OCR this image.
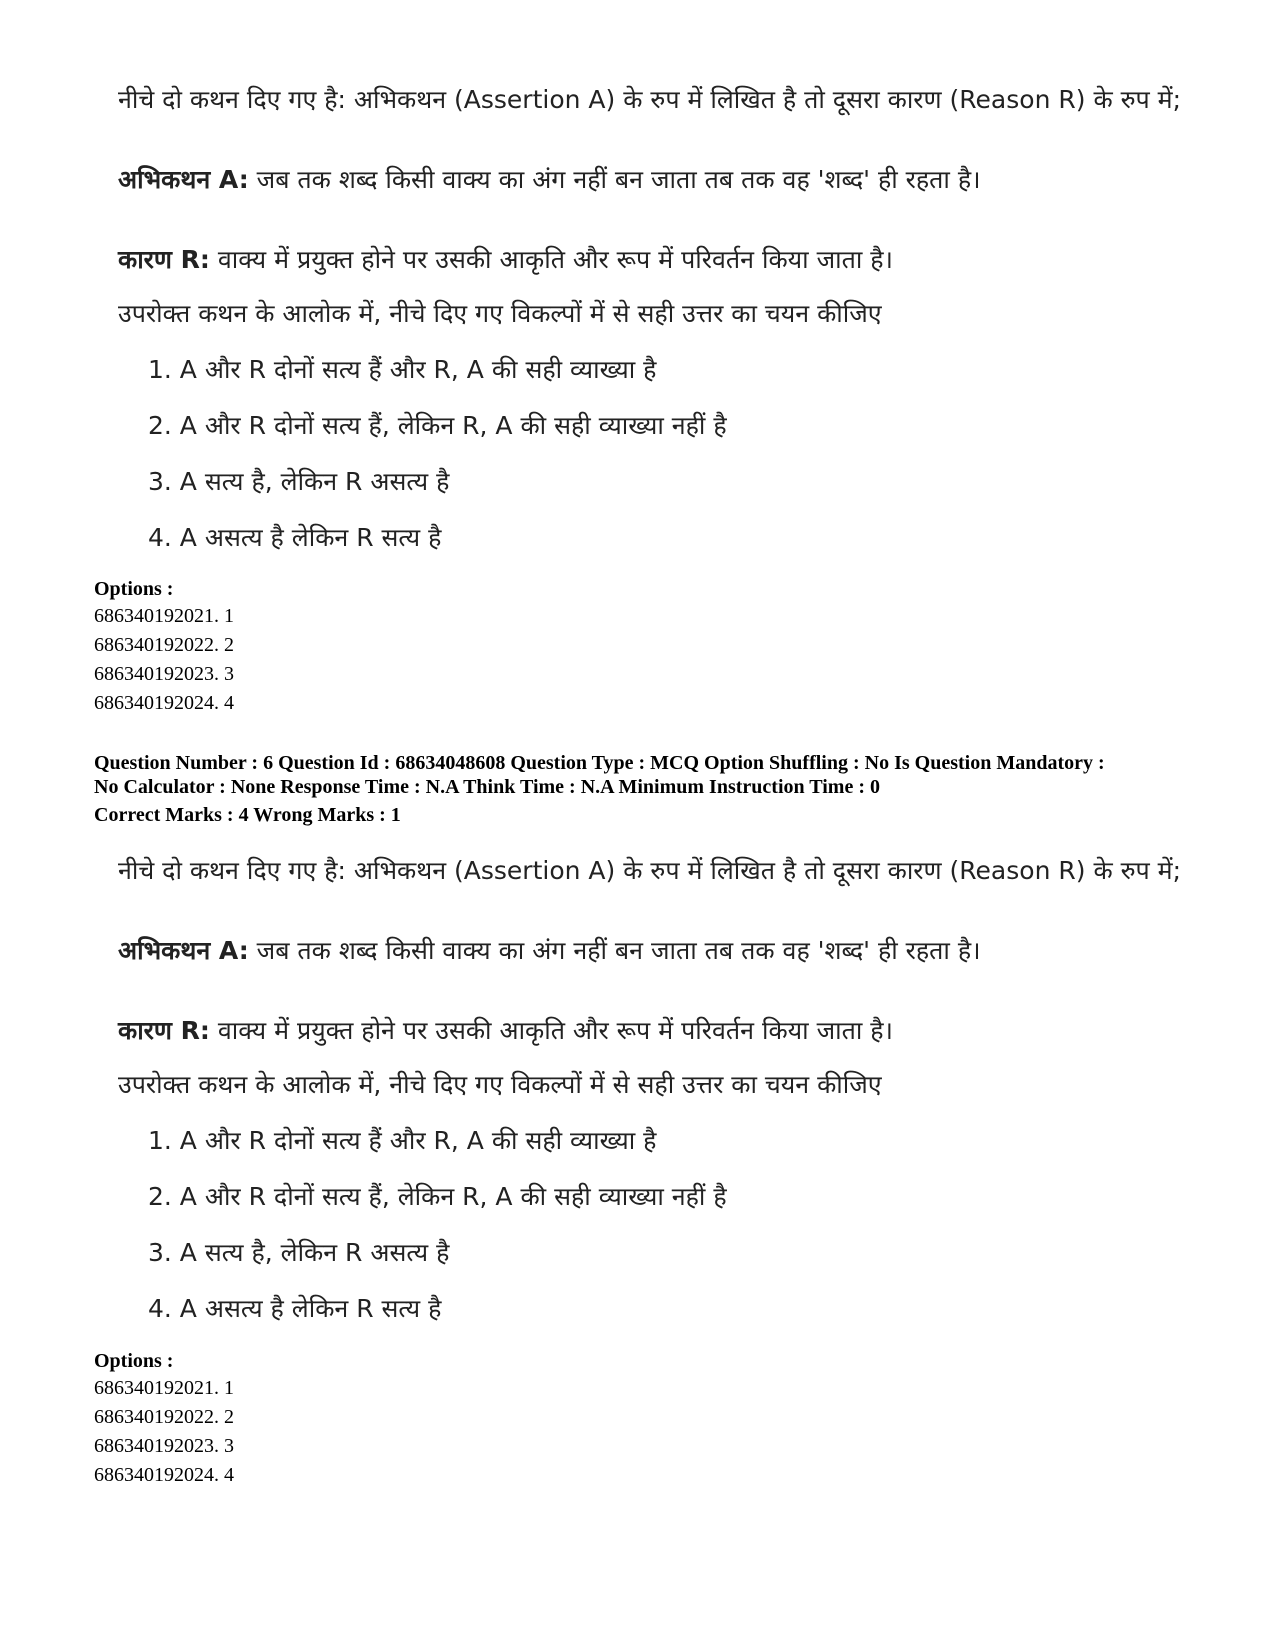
नीचे दो कथन दिए गए है: अभिकथन (Assertion A) के रुप में लिखित है तो दूसरा कारण (Reason R) के रुप में;
अभिकथन A: जब तक शब्द किसी वाक्य का अंग नहीं बन जाता तब तक वह 'शब्द' ही रहता है।
कारण R: वाक्य में प्रयुक्त होने पर उसकी आकृति और रूप में परिवर्तन किया जाता है।
उपरोक्त कथन के आलोक में, नीचे दिए गए विकल्पों में से सही उत्तर का चयन कीजिए
1. A और R दोनों सत्य हैं और R, A की सही व्याख्या है
2. A और R दोनों सत्य हैं, लेकिन R, A की सही व्याख्या नहीं है
3. A सत्य है, लेकिन R असत्य है
4. A असत्य है लेकिन R सत्य है
Options :
686340192021. 1
686340192022. 2
686340192023. 3
686340192024. 4
Question Number : 6 Question Id : 68634048608 Question Type : MCQ Option Shuffling : No Is Question Mandatory :
No Calculator : None Response Time : N.A Think Time : N.A Minimum Instruction Time : 0
Correct Marks : 4 Wrong Marks : 1
नीचे दो कथन दिए गए है: अभिकथन (Assertion A) के रुप में लिखित है तो दूसरा कारण (Reason R) के रुप में;
अभिकथन A: जब तक शब्द किसी वाक्य का अंग नहीं बन जाता तब तक वह 'शब्द' ही रहता है।
कारण R: वाक्य में प्रयुक्त होने पर उसकी आकृति और रूप में परिवर्तन किया जाता है।
उपरोक्त कथन के आलोक में, नीचे दिए गए विकल्पों में से सही उत्तर का चयन कीजिए
1. A और R दोनों सत्य हैं और R, A की सही व्याख्या है
2. A और R दोनों सत्य हैं, लेकिन R, A की सही व्याख्या नहीं है
3. A सत्य है, लेकिन R असत्य है
4. A असत्य है लेकिन R सत्य है
Options :
686340192021. 1
686340192022. 2
686340192023. 3
686340192024. 4
